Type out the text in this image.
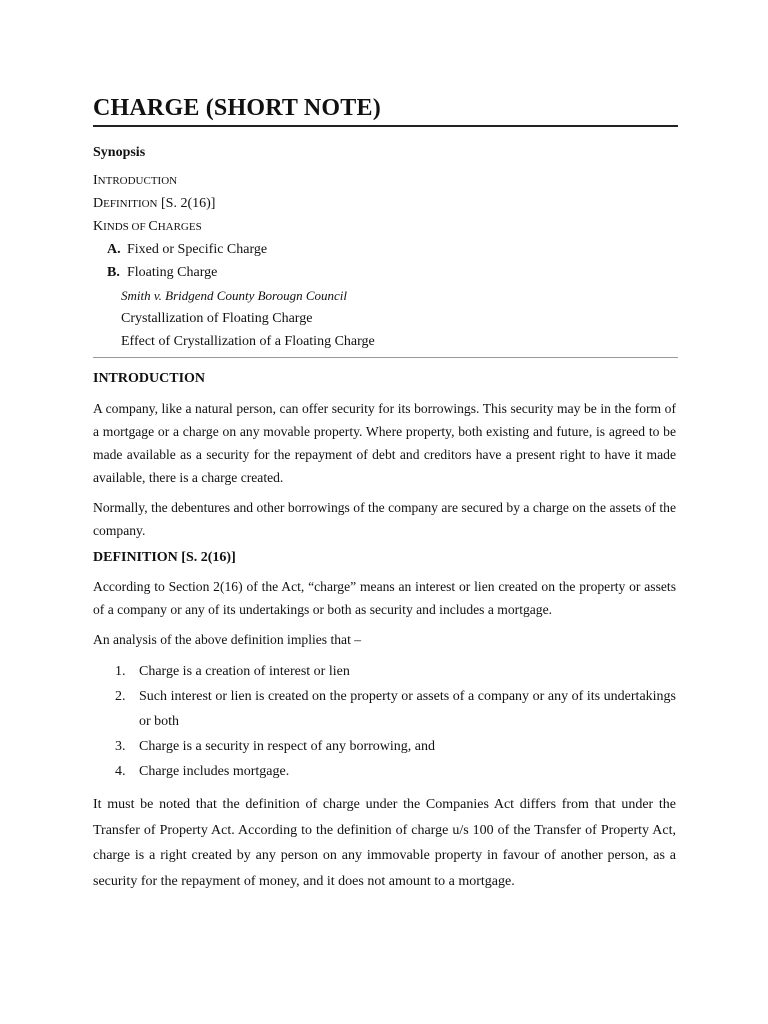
CHARGE (SHORT NOTE)
Synopsis
INTRODUCTION
DEFINITION [S. 2(16)]
KINDS OF CHARGES
A. Fixed or Specific Charge
B. Floating Charge
Smith v. Bridgend County Borougn Council
Crystallization of Floating Charge
Effect of Crystallization of a Floating Charge
INTRODUCTION

A company, like a natural person, can offer security for its borrowings. This security may be in the form of a mortgage or a charge on any movable property. Where property, both existing and future, is agreed to be made available as a security for the repayment of debt and creditors have a present right to have it made available, there is a charge created.

Normally, the debentures and other borrowings of the company are secured by a charge on the assets of the company.

DEFINITION [S. 2(16)]

According to Section 2(16) of the Act, “charge” means an interest or lien created on the property or assets of a company or any of its undertakings or both as security and includes a mortgage.

An analysis of the above definition implies that –

1. Charge is a creation of interest or lien
2. Such interest or lien is created on the property or assets of a company or any of its undertakings or both
3. Charge is a security in respect of any borrowing, and
4. Charge includes mortgage.

It must be noted that the definition of charge under the Companies Act differs from that under the Transfer of Property Act. According to the definition of charge u/s 100 of the Transfer of Property Act, charge is a right created by any person on any immovable property in favour of another person, as a security for the repayment of money, and it does not amount to a mortgage.
